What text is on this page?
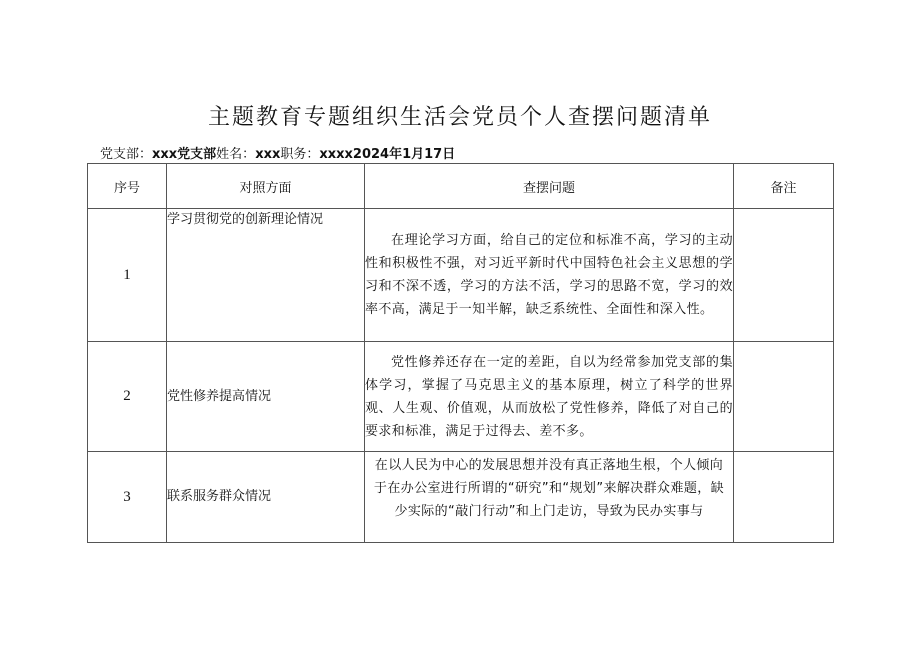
主题教育专题组织生活会党员个人查摆问题清单
党支部：xxx党支部姓名：xxx职务：xxxx2024年1月17日
序号	对照方面	查摆问题	备注
1	学习贯彻党的创新理论情况	在理论学习方面，给自己的定位和标准不高，学习的主动性和积极性不强，对习近平新时代中国特色社会主义思想的学习和不深不透，学习的方法不活，学习的思路不宽，学习的效率不高，满足于一知半解，缺乏系统性、全面性和深入性。	

2	党性修养提高情况	党性修养还存在一定的差距，自以为经常参加党支部的集体学习，掌握了马克思主义的基本原理，树立了科学的世界观、人生观、价值观，从而放松了党性修养，降低了对自己的要求和标准，满足于过得去、差不多。	

3	联系服务群众情况	在以人民为中心的发展思想并没有真正落地生根，个人倾向于在办公室进行所谓的“研究”和“规划”来解决群众难题，缺少实际的“敲门行动”和上门走访，导致为民办实事与	
